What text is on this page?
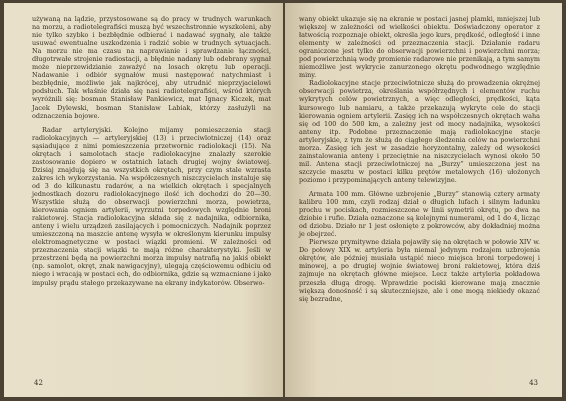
używaną na lądzie, przystosowane są do pracy w trudnych warunkach na morzu, a radiotelegrafiści muszą być wszechstronnie wyszkoleni, aby nie tylko szybko i bezbłędnie odbierać i nadawać sygnały, ale także usuwać ewentualne uszkodzenia i radzić sobie w trudnych sytuacjach. Na morzu nie ma czasu na naprawianie i sprawdzanie łączności, długotrwałe strojenie radiostacji, a błędnie nadany lub odebrany sygnał może nieprzewidzianie zaważyć na losach okrętu lub operacji. Nadawanie i odbiór sygnałów musi następować natychmiast i bezbłędnie, możliwie jak najkrócej, aby utrudnić nieprzyjacielowi podsłuch. Tak właśnie działa się nasi radiotelegrafiści, wśród których wyróżnili się: bosman Stanisław Pankiewicz, mat Ignacy Kiczek, mat Jacek Dylewski, bosman Stanisław Labiak, którzy zasłużyli na odznaczenia bojowe.

Radar artyleryjski. Kolejno mijamy pomieszczenia stacji radiolokacyjnych — artyleryjskiej (13) i przeciwlotniczej (14) oraz sąsiadujące z nimi pomieszczenia przetwornic radiolokacji (15). Na okrętach i samolotach stacje radiolokacyjne znalazły szerokie zastosowanie dopiero w ostatnich latach drugiej wojny światowej. Dzisiaj znajdują się na wszystkich okrętach, przy czym stale wzrasta zakres ich wykorzystania. Na współczesnych niszczycielach instaluje się od 3 do kilkunastu radarów, a na wielkich okrętach i specjalnych jednostkach dozoru radiolokacyjnego ilość ich dochodzi do 20—30. Wszystkie służą do obserwacji powierzchni morza, powietrza, kierowania ogniem artylerii, wyrzutni torpedowych względnie broni rakietowej. Stacja radiolokacyjna składa się z nadajnika, odbiornika, anteny i wielu urządzeń zasilających i pomocniczych. Nadajnik poprzez umieszczoną na maszcie antenę wysyła w określonym kierunku impulsy elektromagnetyczne w postaci wiązki promieni. W zależności od przeznaczenia stacji wiązki te mają różne charakterystyki. Jeśli w przestrzeni będą na powierzchni morza impulsy natrafią na jakiś obiekt (np. samolot, okręt, znak nawigacyjny), ulegają częściowemu odbiciu od niego i wracają w postaci ech, do odbiornika, gdzie są wzmacniane i jako impulsy prądu stałego przekazywane na ekrany indykatorów. Obserwo-

42

wany obiekt ukazuje się na ekranie w postaci jasnej plamki, mniejszej lub większej w zależności od wielkości obiektu. Doświadczony operator z łatwością rozpoznaje obiekt, określa jego kurs, prędkość, odległość i inne elementy w zależności od przeznaczenia stacji. Działanie radaru ograniczone jest tylko do obserwacji powierzchni i powierzchni morza; pod powierzchnią wody promienie radarowe nie przenikają, a tym samym niemożliwe jest wykrycie zanurzonego okrętu podwodnego względnie miny.

Radiolokacyjne stacje przeciwlotnicze służą do prowadzenia okrężnej obserwacji powietrza, określania współrzędnych i elementów ruchu wykrytych celów powietrznych, a więc odległości, prędkości, kąta kursowego lub namiaru, a także przekazują wykryte cele do stacji kierowania ogniem artylerii. Zasięg ich na współczesnych okrętach waha się od 100 do 500 km, a zależny jest od mocy nadajnika, wysokości anteny itp. Podobne przeznaczenie mają radiolokacyjne stacje artyleryjskie, z tym że służą do ciągłego śledzenia celów na powierzchni morza. Zasięg ich jest w zasadzie horyzontalny, zależy od wysokości zainstalowania anteny i przeciętnie na niszczycielach wynosi około 50 mil. Antena stacji przeciwlotniczej na „Burzy” umieszczona jest na szczycie masztu w postaci kilku prętów metalowych (16) ułożonych poziomo i przypominających anteny telewizyjne.

Armata 100 mm. Główne uzbrojenie „Burzy” stanowią cztery armaty kalibru 100 mm, czyli rodzaj dział o długich lufach i silnym ładunku prochu w pociskach, rozmieszczone w linii symetrii okrętu, po dwa na dziobie i rufie. Działa oznaczone są kolejnymi numerami, od 1 do 4, licząc od dziobu. Działo nr 1 jest osłonięte z pokrowców, aby dokładniej można je obejrzeć.

Pierwsze prymitywne działa pojawiły się na okrętach w połowie XIV w. Do połowy XIX w. artyleria była niemal jedynym rodzajem uzbrojenia okrętów, ale później musiała ustąpić nieco miejsca broni torpedowej i minowej, a po drugiej wojnie światowej broni rakietowej, która dziś zajmuje na okrętach główne miejsce. Lecz także artyleria pokładowa przeszła długą drogę. Wprawdzie pociski kierowane mają znacznie większą donośność i są skuteczniejsze, ale i one mogą niekiedy okazać się bezradne,

43
